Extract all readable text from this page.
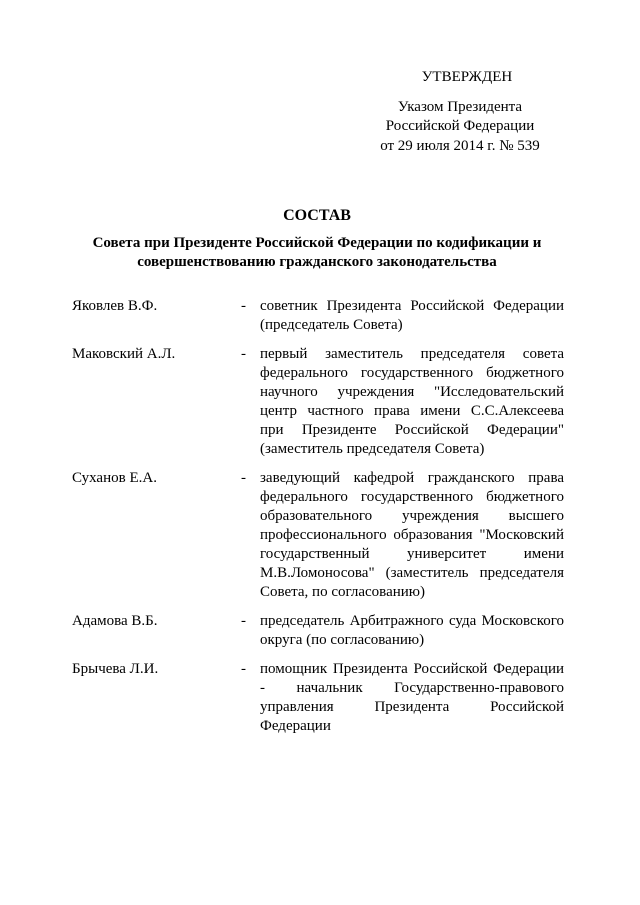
УТВЕРЖДЕН
Указом Президента
Российской Федерации
от 29 июля 2014 г. № 539
СОСТАВ
Совета при Президенте Российской Федерации по кодификации и совершенствованию гражданского законодательства
Яковлев В.Ф.	- советник Президента Российской Федерации (председатель Совета)
Маковский А.Л.	- первый заместитель председателя совета федерального государственного бюджетного научного учреждения "Исследовательский центр частного права имени С.С.Алексеева при Президенте Российской Федерации" (заместитель председателя Совета)
Суханов Е.А.	- заведующий кафедрой гражданского права федерального государственного бюджетного образовательного учреждения высшего профессионального образования "Московский государственный университет имени М.В.Ломоносова" (заместитель председателя Совета, по согласованию)
Адамова В.Б.	- председатель Арбитражного суда Московского округа (по согласованию)
Брычева Л.И.	- помощник Президента Российской Федерации - начальник Государственно-правового управления Президента Российской Федерации
